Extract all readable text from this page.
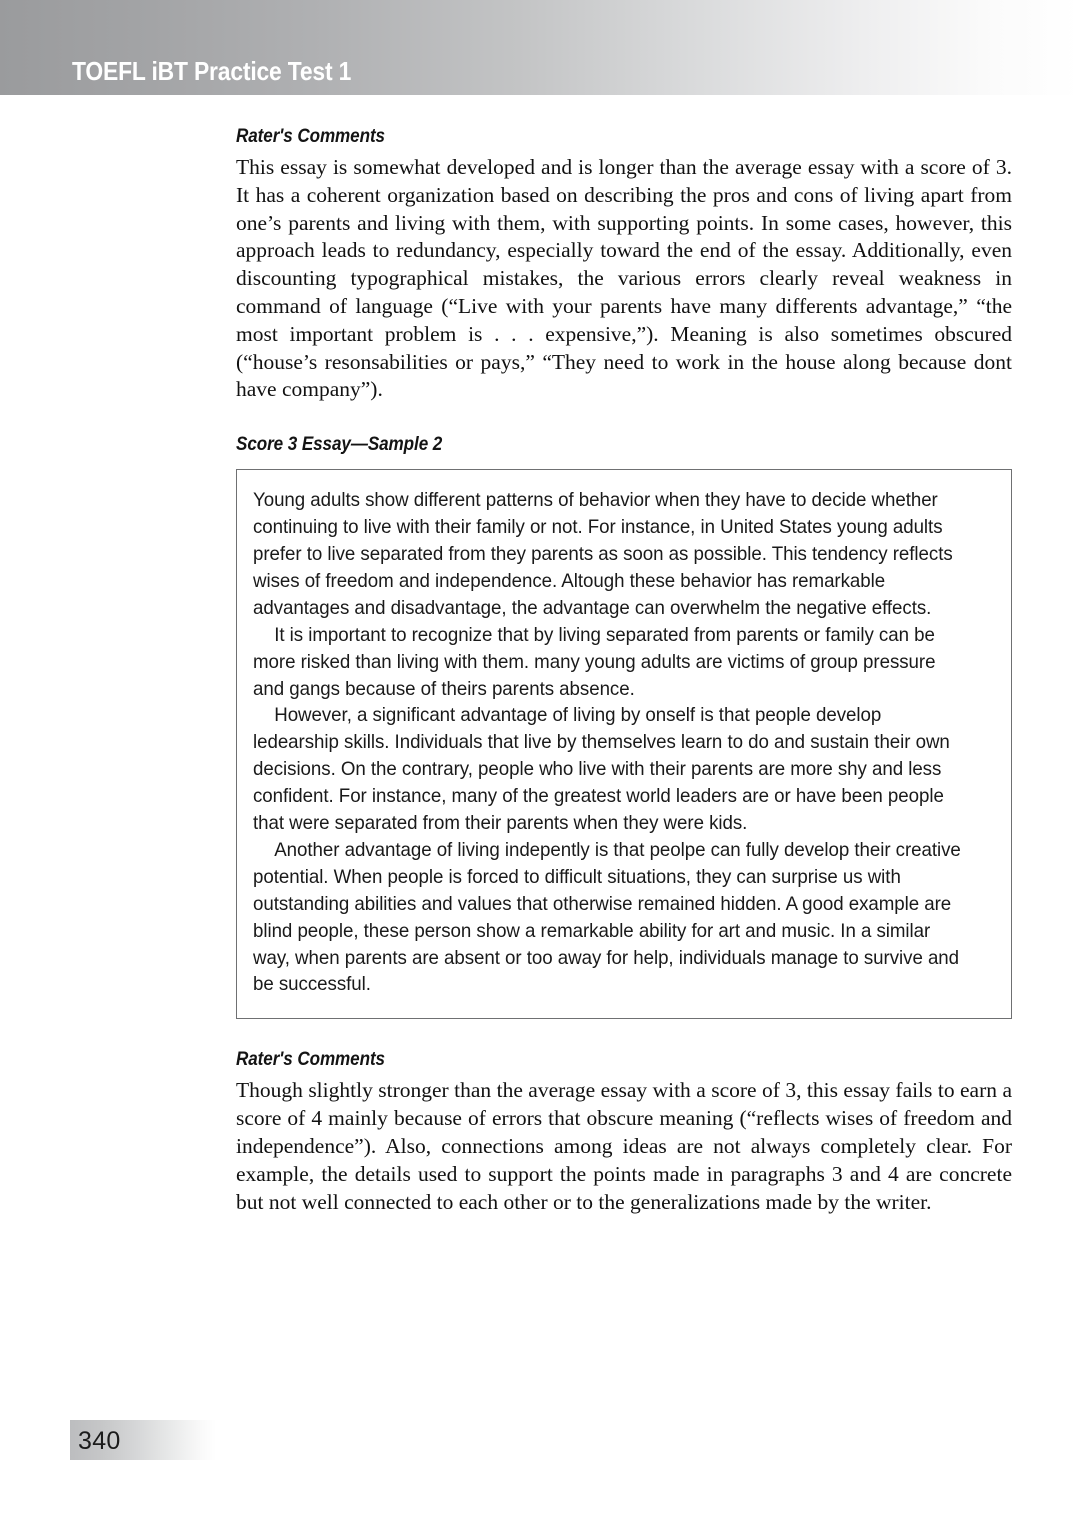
TOEFL iBT Practice Test 1
Rater's Comments

This essay is somewhat developed and is longer than the average essay with a score of 3. It has a coherent organization based on describing the pros and cons of living apart from one’s parents and living with them, with supporting points. In some cases, however, this approach leads to redundancy, especially toward the end of the essay. Additionally, even discounting typographical mistakes, the various errors clearly reveal weakness in command of language (“Live with your parents have many differents advantage,” “the most important problem is . . . expensive,”). Meaning is also sometimes obscured (“house’s resonsabilities or pays,” “They need to work in the house along because dont have company”).

Score 3 Essay—Sample 2

Young adults show different patterns of behavior when they have to decide whether continuing to live with their family or not. For instance, in United States young adults prefer to live separated from they parents as soon as possible. This tendency reflects wises of freedom and independence. Altough these behavior has remarkable advantages and disadvantage, the advantage can overwhelm the negative effects.

It is important to recognize that by living separated from parents or family can be more risked than living with them. many young adults are victims of group pressure and gangs because of theirs parents absence.

However, a significant advantage of living by onself is that people develop ledearship skills. Individuals that live by themselves learn to do and sustain their own decisions. On the contrary, people who live with their parents are more shy and less confident. For instance, many of the greatest world leaders are or have been people that were separated from their parents when they were kids.

Another advantage of living indepently is that peolpe can fully develop their creative potential. When people is forced to difficult situations, they can surprise us with outstanding abilities and values that otherwise remained hidden. A good example are blind people, these person show a remarkable ability for art and music. In a similar way, when parents are absent or too away for help, individuals manage to survive and be successful.

Rater's Comments

Though slightly stronger than the average essay with a score of 3, this essay fails to earn a score of 4 mainly because of errors that obscure meaning (“reflects wises of freedom and independence”). Also, connections among ideas are not always completely clear. For example, the details used to support the points made in paragraphs 3 and 4 are concrete but not well connected to each other or to the generalizations made by the writer.

340
